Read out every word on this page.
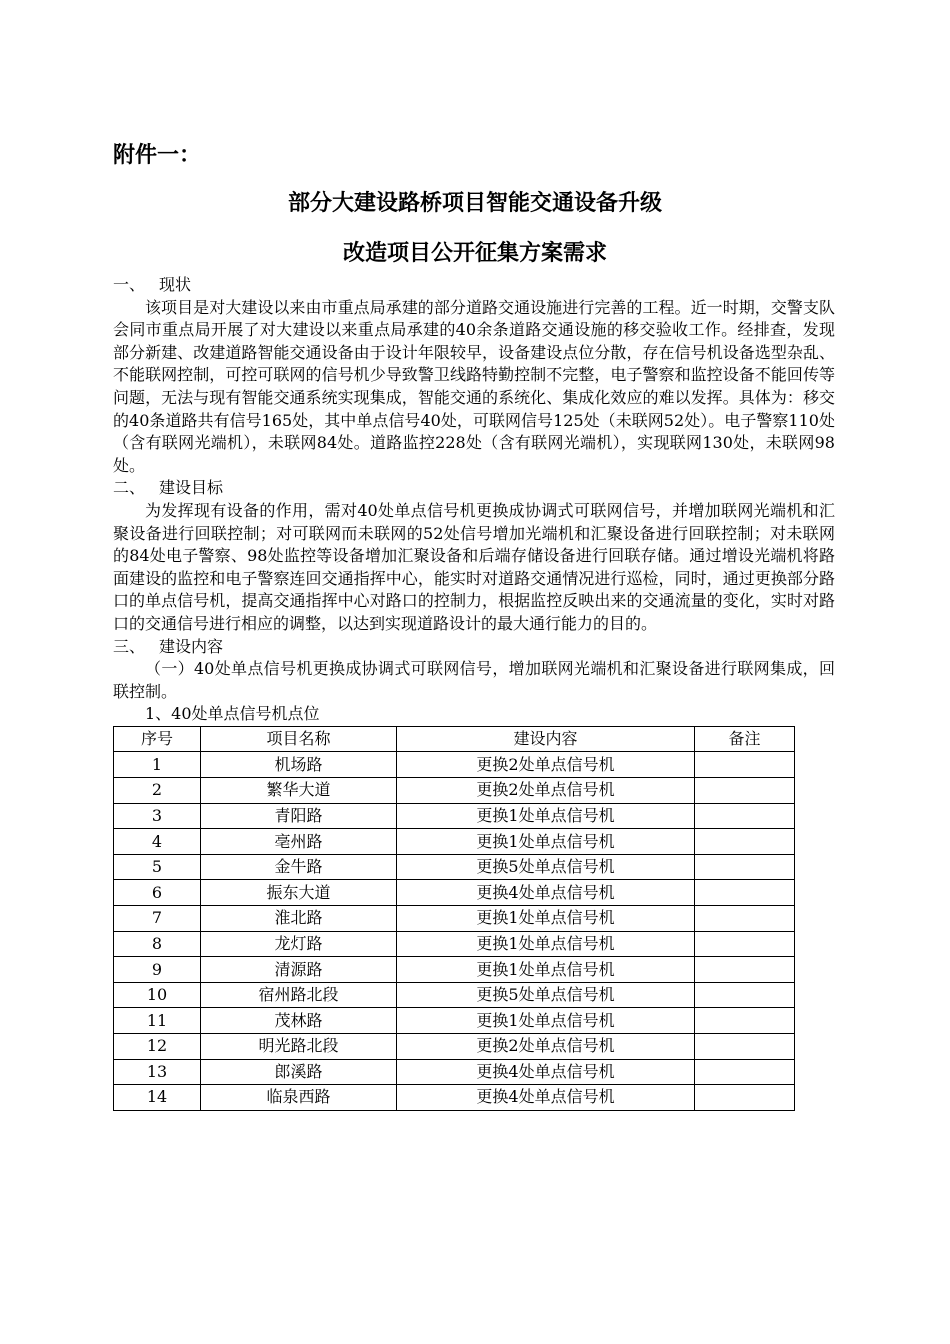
附件一：
部分大建设路桥项目智能交通设备升级
改造项目公开征集方案需求

一、 现状

该项目是对大建设以来由市重点局承建的部分道路交通设施进行完善的工程。近一时期，交警支队会同市重点局开展了对大建设以来重点局承建的40余条道路交通设施的移交验收工作。经排查，发现部分新建、改建道路智能交通设备由于设计年限较早，设备建设点位分散，存在信号机设备选型杂乱、不能联网控制，可控可联网的信号机少导致警卫线路特勤控制不完整，电子警察和监控设备不能回传等问题，无法与现有智能交通系统实现集成，智能交通的系统化、集成化效应的难以发挥。具体为：移交的40条道路共有信号165处，其中单点信号40处，可联网信号125处（未联网52处）。电子警察110处（含有联网光端机），未联网84处。道路监控228处（含有联网光端机），实现联网130处，未联网98处。

二、 建设目标

为发挥现有设备的作用，需对40处单点信号机更换成协调式可联网信号，并增加联网光端机和汇聚设备进行回联控制；对可联网而未联网的52处信号增加光端机和汇聚设备进行回联控制；对未联网的84处电子警察、98处监控等设备增加汇聚设备和后端存储设备进行回联存储。通过增设光端机将路面建设的监控和电子警察连回交通指挥中心，能实时对道路交通情况进行巡检，同时，通过更换部分路口的单点信号机，提高交通指挥中心对路口的控制力，根据监控反映出来的交通流量的变化，实时对路口的交通信号进行相应的调整，以达到实现道路设计的最大通行能力的目的。

三、 建设内容

（一）40处单点信号机更换成协调式可联网信号，增加联网光端机和汇聚设备进行联网集成，回联控制。

1、40处单点信号机点位

序号	项目名称	建设内容	备注
1	机场路	更换2处单点信号机	
2	繁华大道	更换2处单点信号机	
3	青阳路	更换1处单点信号机	
4	亳州路	更换1处单点信号机	
5	金牛路	更换5处单点信号机	
6	振东大道	更换4处单点信号机	
7	淮北路	更换1处单点信号机	
8	龙灯路	更换1处单点信号机	
9	清源路	更换1处单点信号机	
10	宿州路北段	更换5处单点信号机	
11	茂林路	更换1处单点信号机	
12	明光路北段	更换2处单点信号机	
13	郎溪路	更换4处单点信号机	
14	临泉西路	更换4处单点信号机	
